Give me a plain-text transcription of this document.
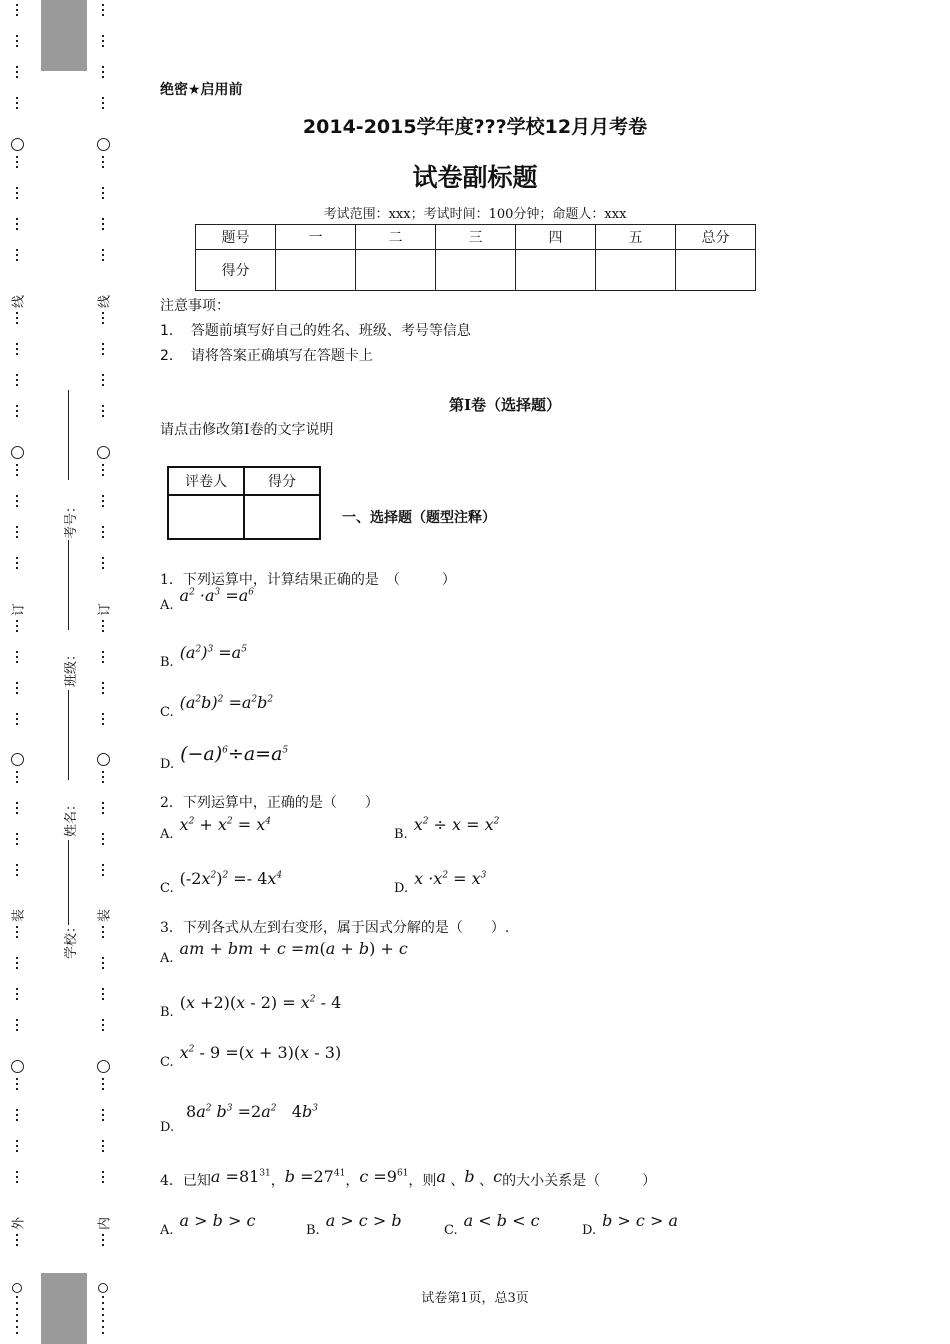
线
订
装
外
线
订
装
内
考号：
班级：
姓名：
学校：
绝密★启用前
2014-2015学年度???学校12月月考卷
试卷副标题
考试范围：xxx；考试时间：100分钟；命题人：xxx
题号	一	二	三	四	五	总分
得分						
注意事项：
1． 答题前填写好自己的姓名、班级、考号等信息
2． 请将答案正确填写在答题卡上
第I卷（选择题）
请点击修改第I卷的文字说明
评卷人	得分

一、选择题（题型注释）
1．下列运算中，计算结果正确的是　（　　　）
$A.a^2 \cdot a^3 =a^6$
$B.(a^2)^3 =a^5$
$C.(a^2b)^2 =a^2b^2$
D. $(-a)^6\div a=a^5$
2．下列运算中，正确的是（　　）
$A.x^2 + x^2 = x^4$
$B.x^2 \div x = x^2$
$C.(-2x^2)^2 =- 4x^4$
$D.x \cdot x^2 = x^3$
3．下列各式从左到右变形，属于因式分解的是（　　）.
A.am + bm + c =m(a + b) + c
$B.(x +2)(x - 2) = x^2 - 4$
$C.x^2 - 9 =(x + 3)(x - 3)$
D.
$8a^2$ $b^3 =2a^2$ $4b^3$
4．已知$a =81^{31}$，$b =27^{41}$，$c =9^{61}$，则a 、b 、c的大小关系是（　　　）
A.a > b > c
B.a > c > b
C.a < b < c
D.b > c > a
试卷第1页，总3页
